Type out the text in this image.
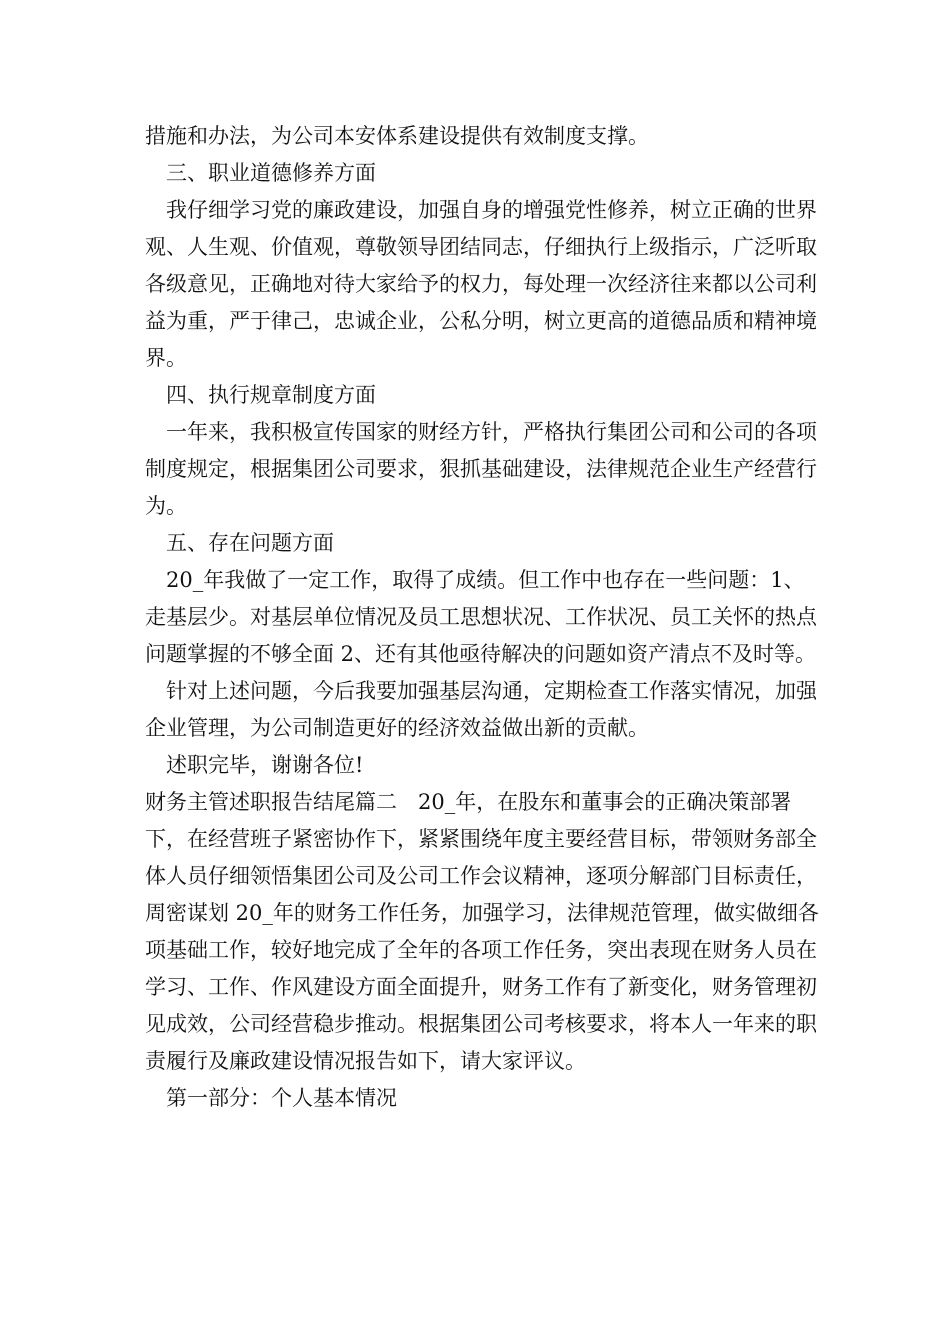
措施和办法，为公司本安体系建设提供有效制度支撑。

三、职业道德修养方面

我仔细学习党的廉政建设，加强自身的增强党性修养，树立正确的世界观、人生观、价值观，尊敬领导团结同志，仔细执行上级指示，广泛听取各级意见，正确地对待大家给予的权力，每处理一次经济往来都以公司利益为重，严于律己，忠诚企业，公私分明，树立更高的道德品质和精神境界。

四、执行规章制度方面

一年来，我积极宣传国家的财经方针，严格执行集团公司和公司的各项制度规定，根据集团公司要求，狠抓基础建设，法律规范企业生产经营行为。

五、存在问题方面

20_年我做了一定工作，取得了成绩。但工作中也存在一些问题：1、走基层少。对基层单位情况及员工思想状况、工作状况、员工关怀的热点问题掌握的不够全面 2、还有其他亟待解决的问题如资产清点不及时等。

针对上述问题，今后我要加强基层沟通，定期检查工作落实情况，加强企业管理，为公司制造更好的经济效益做出新的贡献。

述职完毕，谢谢各位!

财务主管述职报告结尾篇二　20_年，在股东和董事会的正确决策部署下，在经营班子紧密协作下，紧紧围绕年度主要经营目标，带领财务部全体人员仔细领悟集团公司及公司工作会议精神，逐项分解部门目标责任，周密谋划 20_年的财务工作任务，加强学习，法律规范管理，做实做细各项基础工作，较好地完成了全年的各项工作任务，突出表现在财务人员在学习、工作、作风建设方面全面提升，财务工作有了新变化，财务管理初见成效，公司经营稳步推动。根据集团公司考核要求，将本人一年来的职责履行及廉政建设情况报告如下，请大家评议。

第一部分：个人基本情况
